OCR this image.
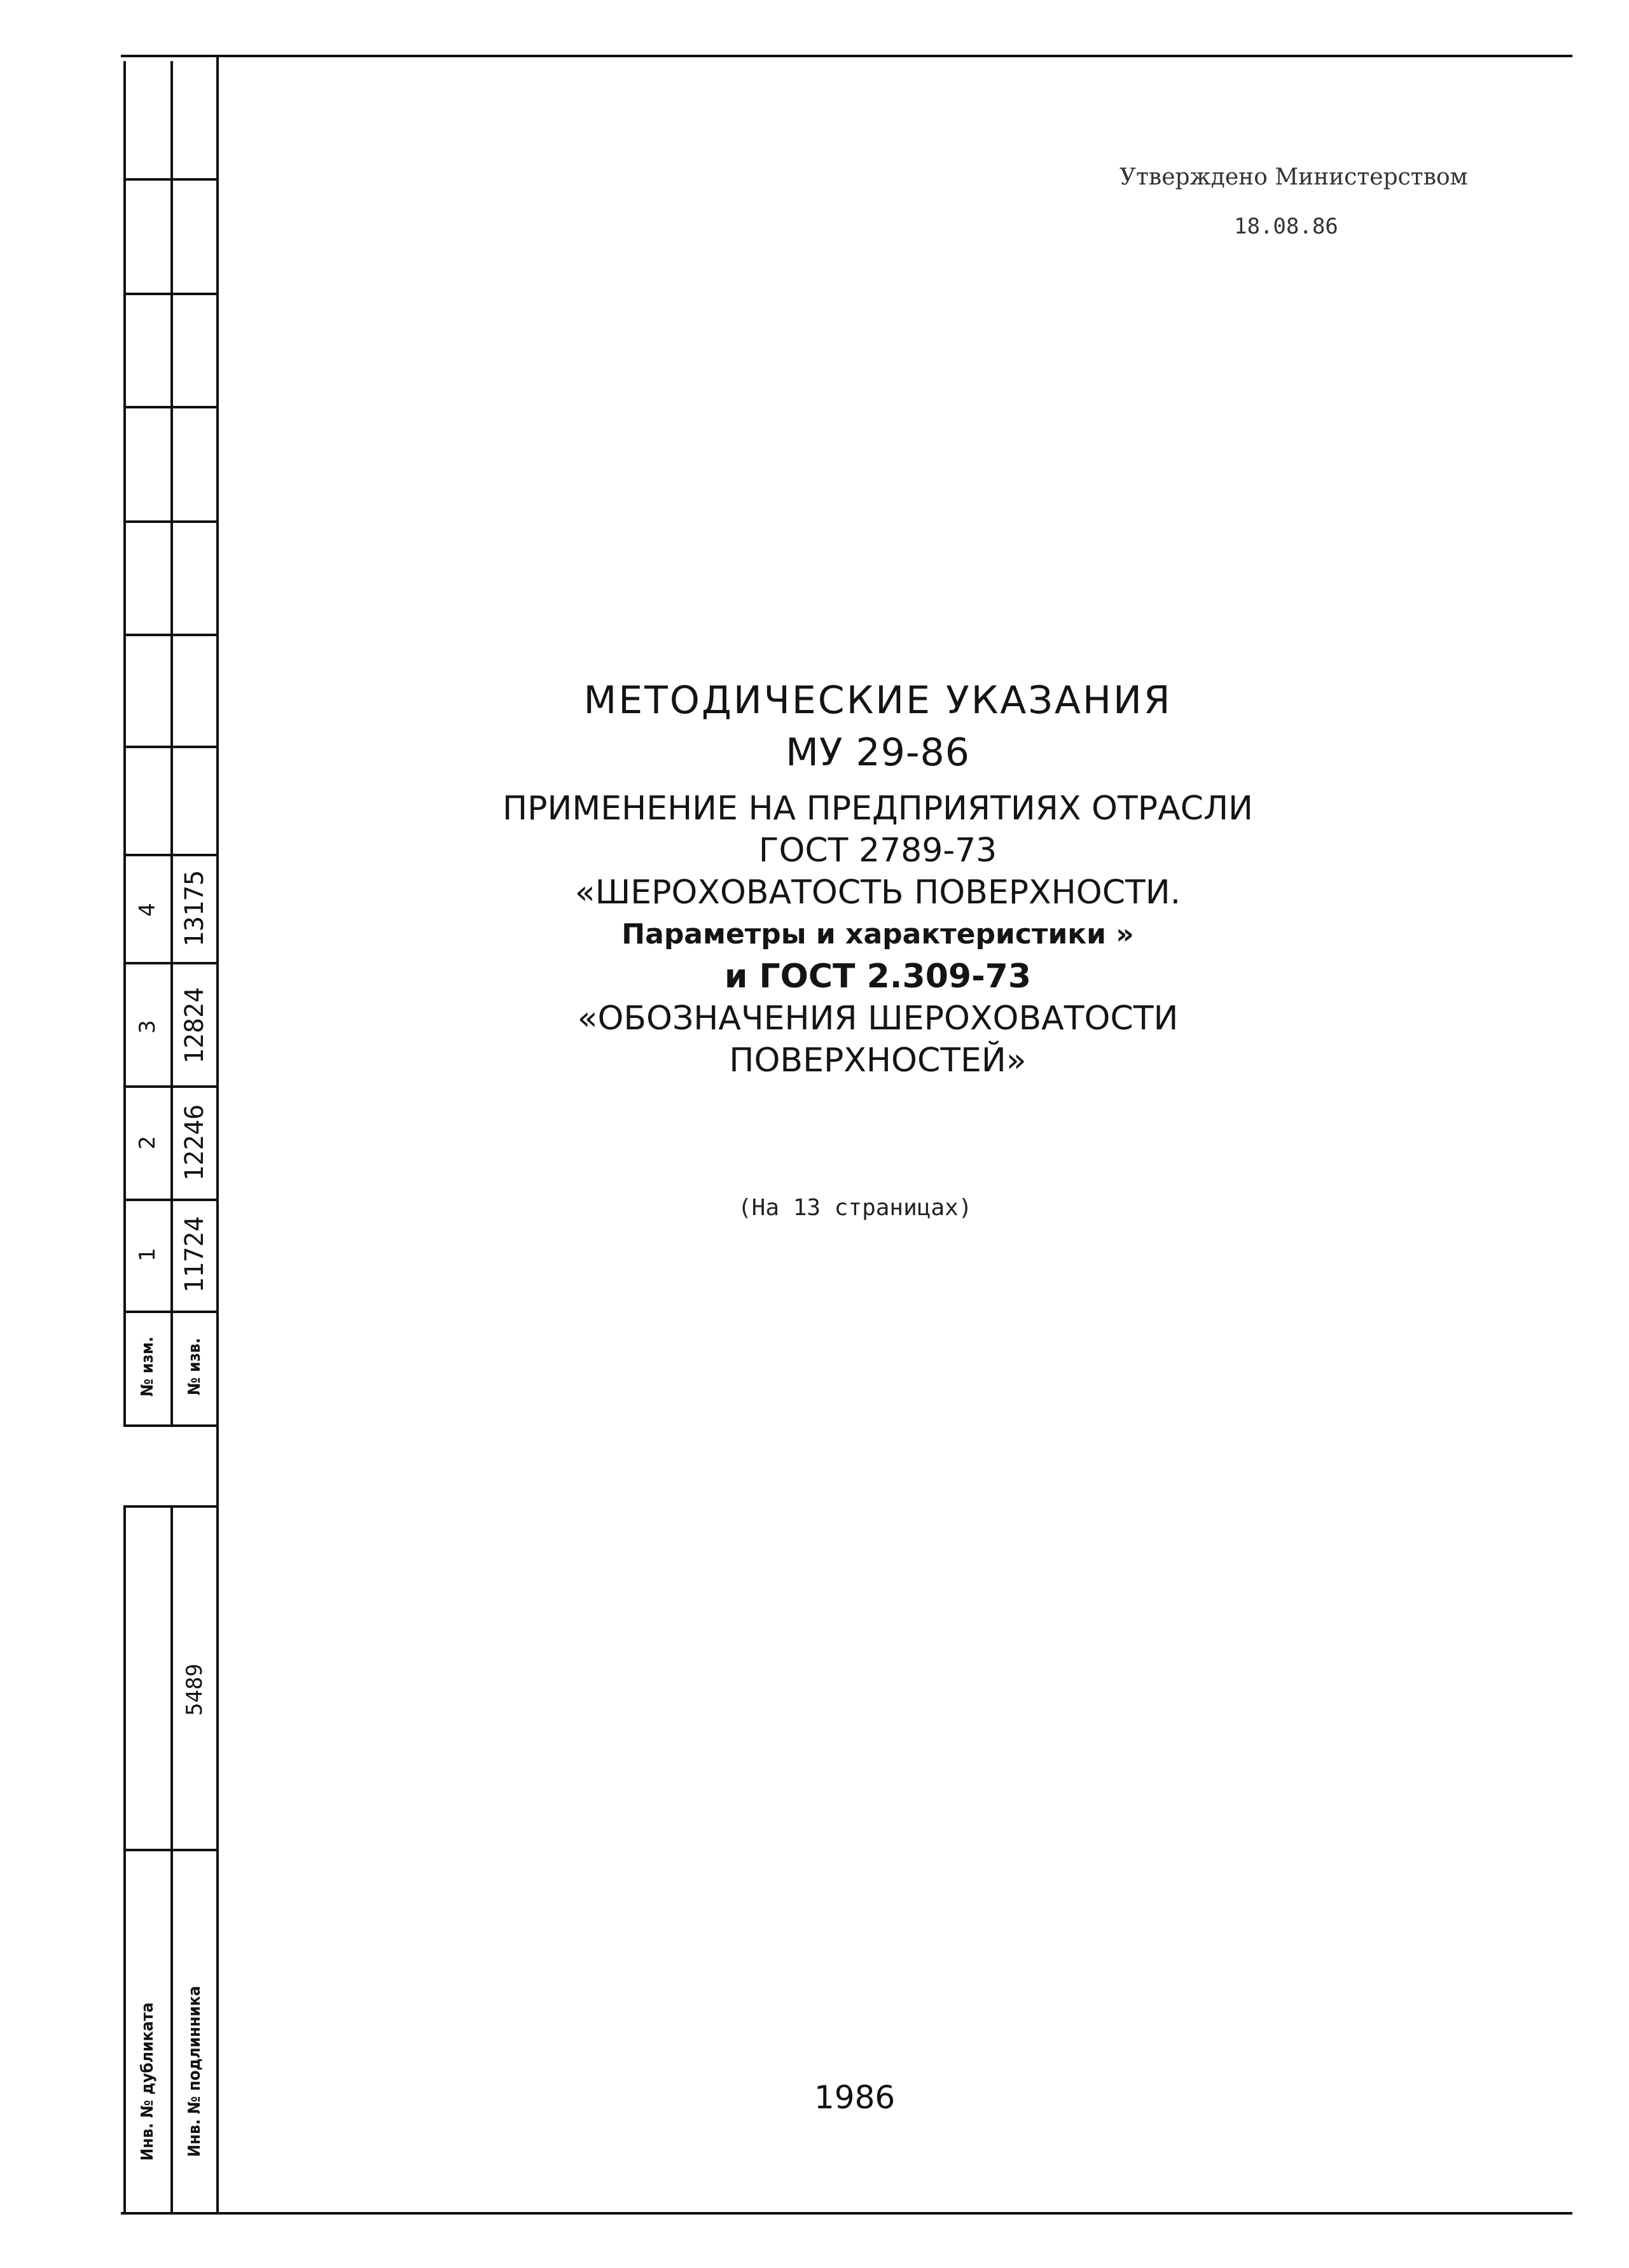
4
3
2
1
№ изм.
13175
12824
12246
11724
№ изв.
5489
Инв. № дубликата Инв. № подлинника
Утверждено Министерством
18.08.86
МЕТОДИЧЕСКИЕ УКАЗАНИЯ
МУ 29-86
ПРИМЕНЕНИЕ НА ПРЕДПРИЯТИЯХ ОТРАСЛИ
ГОСТ 2789-73
«ШЕРОХОВАТОСТЬ ПОВЕРХНОСТИ.
Параметры и характеристики »
и ГОСТ 2.309-73
«ОБОЗНАЧЕНИЯ ШЕРОХОВАТОСТИ
ПОВЕРХНОСТЕЙ»
(На 13 страницах)
1986
